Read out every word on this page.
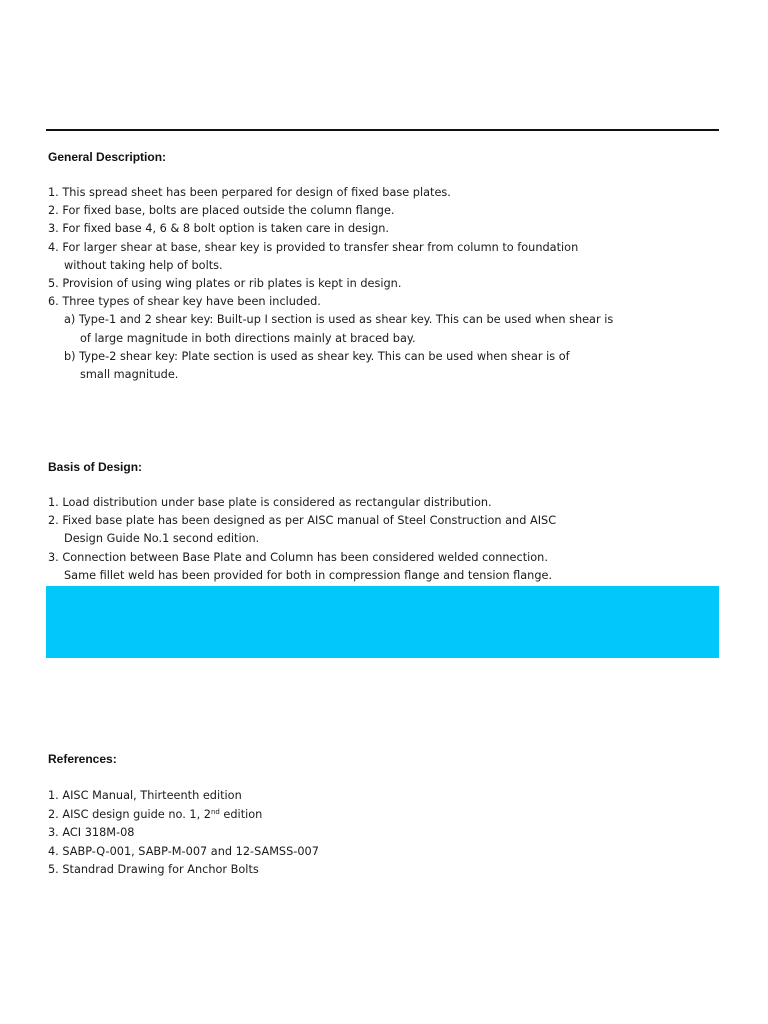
General Description:
1. This spread sheet has been perpared for design of fixed base plates.
2. For fixed base, bolts are placed outside the column flange.
3. For fixed base 4, 6 & 8 bolt option is taken care in design.
4. For larger shear at base, shear key is provided to transfer shear from column to foundation
without taking help of bolts.
5. Provision of using wing plates or rib plates is kept in design.
6. Three types of shear key have been included.
a) Type-1 and 2 shear key: Built-up I section is used as shear key. This can be used when shear is
of large magnitude in both directions mainly at braced bay.
b) Type-2 shear key: Plate section is used as shear key. This can be used when shear is of
small magnitude.
Basis of Design:
1. Load distribution under base plate is considered as rectangular distribution.
2. Fixed base plate has been designed as per AISC manual of Steel Construction and AISC
Design Guide No.1 second edition.
3. Connection between Base Plate and Column has been considered welded connection.
Same fillet weld has been provided for both in compression flange and tension flange.
References:
1. AISC Manual, Thirteenth edition
2. AISC design guide no. 1, 2nd edition
3. ACI 318M-08
4. SABP-Q-001, SABP-M-007 and 12-SAMSS-007
5. Standrad Drawing for Anchor Bolts
